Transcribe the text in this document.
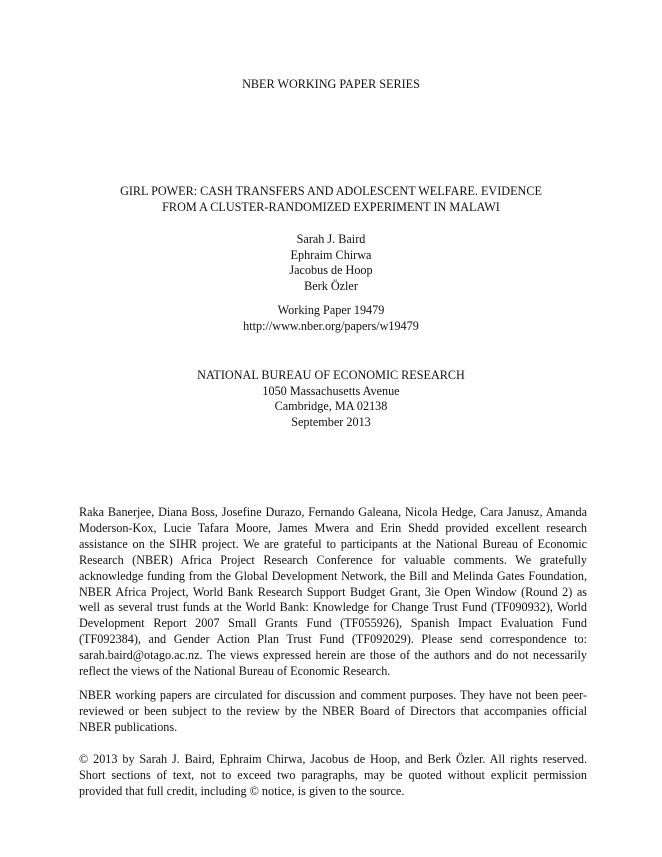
NBER WORKING PAPER SERIES
GIRL POWER: CASH TRANSFERS AND ADOLESCENT WELFARE. EVIDENCE
FROM A CLUSTER-RANDOMIZED EXPERIMENT IN MALAWI
Sarah J. Baird
Ephraim Chirwa
Jacobus de Hoop
Berk Özler
Working Paper 19479
http://www.nber.org/papers/w19479
NATIONAL BUREAU OF ECONOMIC RESEARCH
1050 Massachusetts Avenue
Cambridge, MA 02138
September 2013

Raka Banerjee, Diana Boss, Josefine Durazo, Fernando Galeana, Nicola Hedge, Cara Janusz, Amanda Moderson-Kox, Lucie Tafara Moore, James Mwera and Erin Shedd provided excellent research assistance on the SIHR project. We are grateful to participants at the National Bureau of Economic Research (NBER) Africa Project Research Conference for valuable comments. We gratefully acknowledge funding from the Global Development Network, the Bill and Melinda Gates Foundation, NBER Africa Project, World Bank Research Support Budget Grant, 3ie Open Window (Round 2) as well as several trust funds at the World Bank: Knowledge for Change Trust Fund (TF090932), World Development Report 2007 Small Grants Fund (TF055926), Spanish Impact Evaluation Fund (TF092384), and Gender Action Plan Trust Fund (TF092029). Please send correspondence to: sarah.baird@otago.ac.nz. The views expressed herein are those of the authors and do not necessarily reflect the views of the National Bureau of Economic Research.

NBER working papers are circulated for discussion and comment purposes. They have not been peer-reviewed or been subject to the review by the NBER Board of Directors that accompanies official NBER publications.

© 2013 by Sarah J. Baird, Ephraim Chirwa, Jacobus de Hoop, and Berk Özler. All rights reserved. Short sections of text, not to exceed two paragraphs, may be quoted without explicit permission provided that full credit, including © notice, is given to the source.
